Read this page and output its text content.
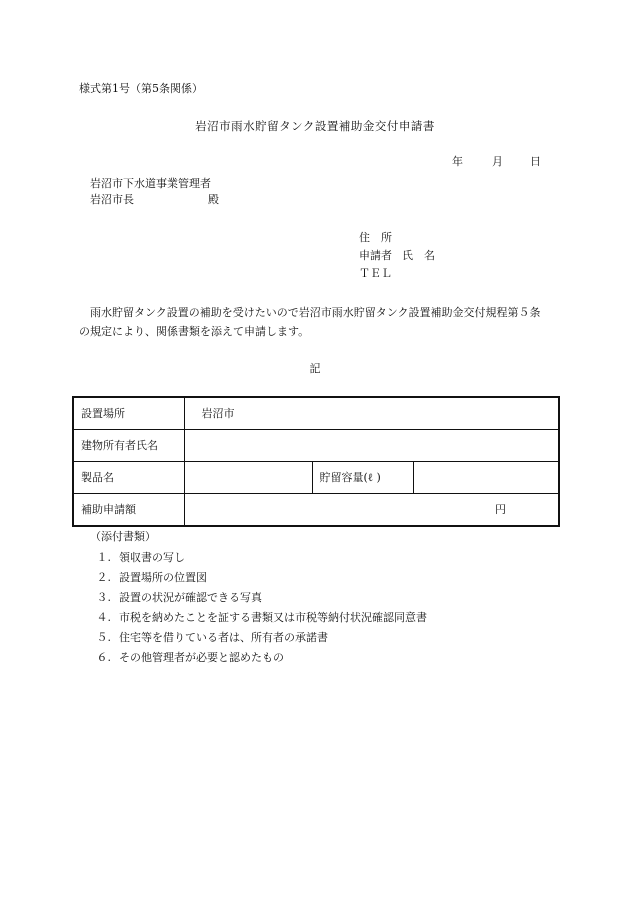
様式第1号（第5条関係）
岩沼市雨水貯留タンク設置補助金交付申請書
年	月 日
岩沼市下水道事業管理者
岩沼市長	殿
住　所
申請者 氏　名
ＴＥＬ
雨水貯留タンク設置の補助を受けたいので岩沼市雨水貯留タンク設置補助金交付規程第５条の規定により、関係書類を添えて申請します。
記
設置場所	岩沼市		
建物所有者氏名			
製品名		貯留容量(ℓ )	
補助申請額	円		
（添付書類）
１. 領収書の写し
２. 設置場所の位置図
３. 設置の状況が確認できる写真
４. 市税を納めたことを証する書類又は市税等納付状況確認同意書
５. 住宅等を借りている者は、所有者の承諾書
６. その他管理者が必要と認めたもの
